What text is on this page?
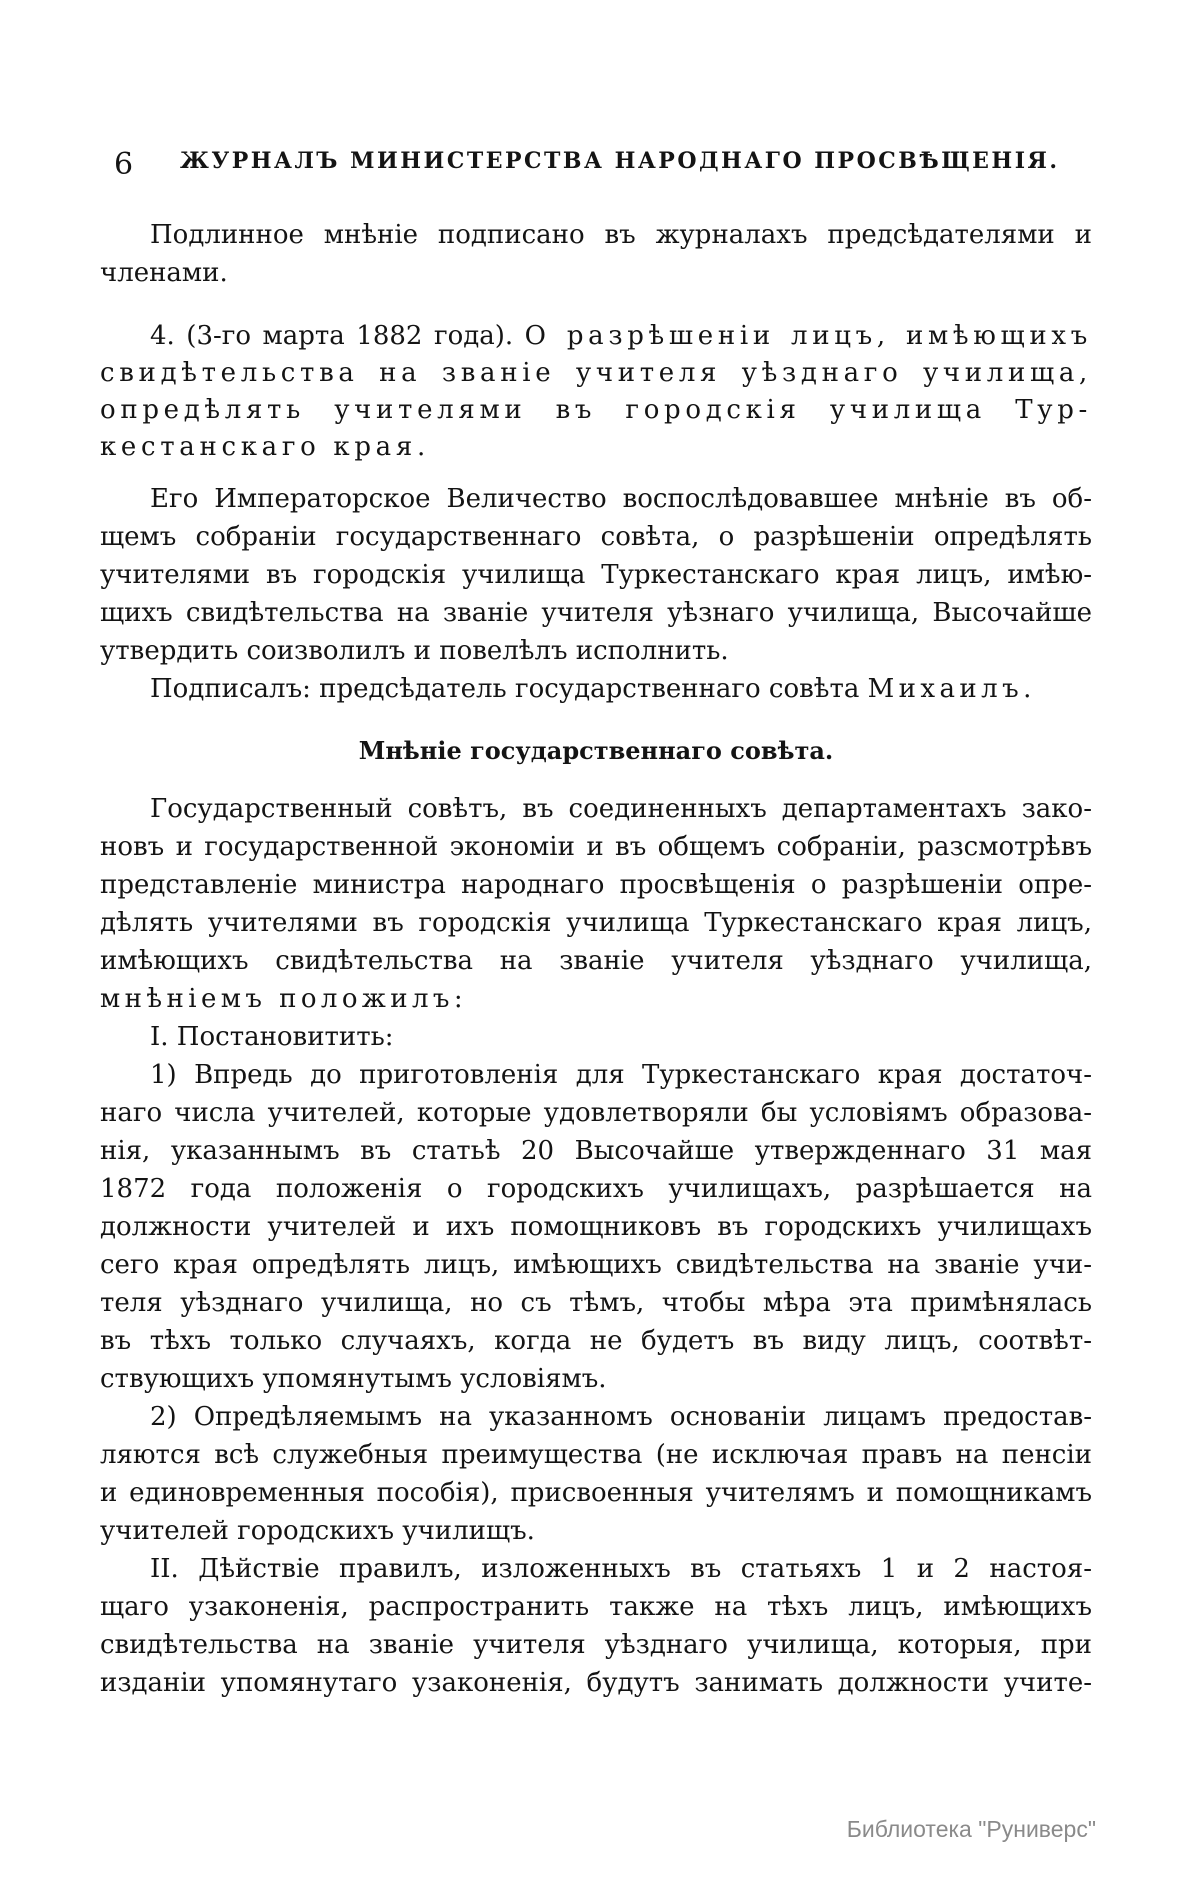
6 ЖУРНАЛЪ МИНИСТЕРСТВА НАРОДНАГО ПРОСВѢЩЕНІЯ.
Подлинное мнѣніе подписано въ журналахъ предсѣдателями и
членами.
4. (3-го марта 1882 года). О разрѣшеніи лицъ, имѣющихъ
свидѣтельства на званіе учителя уѣзднаго училища,
опредѣлять учителями въ городскія училища Тур-
кестанскаго края.
Его Императорское Величество воспослѣдовавшее мнѣніе въ об-
щемъ собраніи государственнаго совѣта, о разрѣшеніи опредѣлять
учителями въ городскія училища Туркестанскаго края лицъ, имѣю-
щихъ свидѣтельства на званіе учителя уѣзнаго училища, Высочайше
утвердить соизволилъ и повелѣлъ исполнить.
Подписалъ: предсѣдатель государственнаго совѣта Михаилъ.
Мнѣніе государственнаго совѣта.
Государственный совѣтъ, въ соединенныхъ департаментахъ зако-
новъ и государственной экономіи и въ общемъ собраніи, разсмотрѣвъ
представленіе министра народнаго просвѣщенія о разрѣшеніи опре-
дѣлять учителями въ городскія училища Туркестанскаго края лицъ,
имѣющихъ свидѣтельства на званіе учителя уѣзднаго училища,
мнѣніемъ положилъ:
I. Постановитить:
1) Впредь до приготовленія для Туркестанскаго края достаточ-
наго числа учителей, которые удовлетворяли бы условіямъ образова-
нія, указаннымъ въ статьѣ 20 Высочайше утвержденнаго 31 мая
1872 года положенія о городскихъ училищахъ, разрѣшается на
должности учителей и ихъ помощниковъ въ городскихъ училищахъ
сего края опредѣлять лицъ, имѣющихъ свидѣтельства на званіе учи-
теля уѣзднаго училища, но съ тѣмъ, чтобы мѣра эта примѣнялась
въ тѣхъ только случаяхъ, когда не будетъ въ виду лицъ, соотвѣт-
ствующихъ упомянутымъ условіямъ.
2) Опредѣляемымъ на указанномъ основаніи лицамъ предостав-
ляются всѣ служебныя преимущества (не исключая правъ на пенсіи
и единовременныя пособія), присвоенныя учителямъ и помощникамъ
учителей городскихъ училищъ.
II. Дѣйствіе правилъ, изложенныхъ въ статьяхъ 1 и 2 настоя-
щаго узаконенія, распространить также на тѣхъ лицъ, имѣющихъ
свидѣтельства на званіе учителя уѣзднаго училища, которыя, при
изданіи упомянутаго узаконенія, будутъ занимать должности учите-
Библиотека "Руниверс"
